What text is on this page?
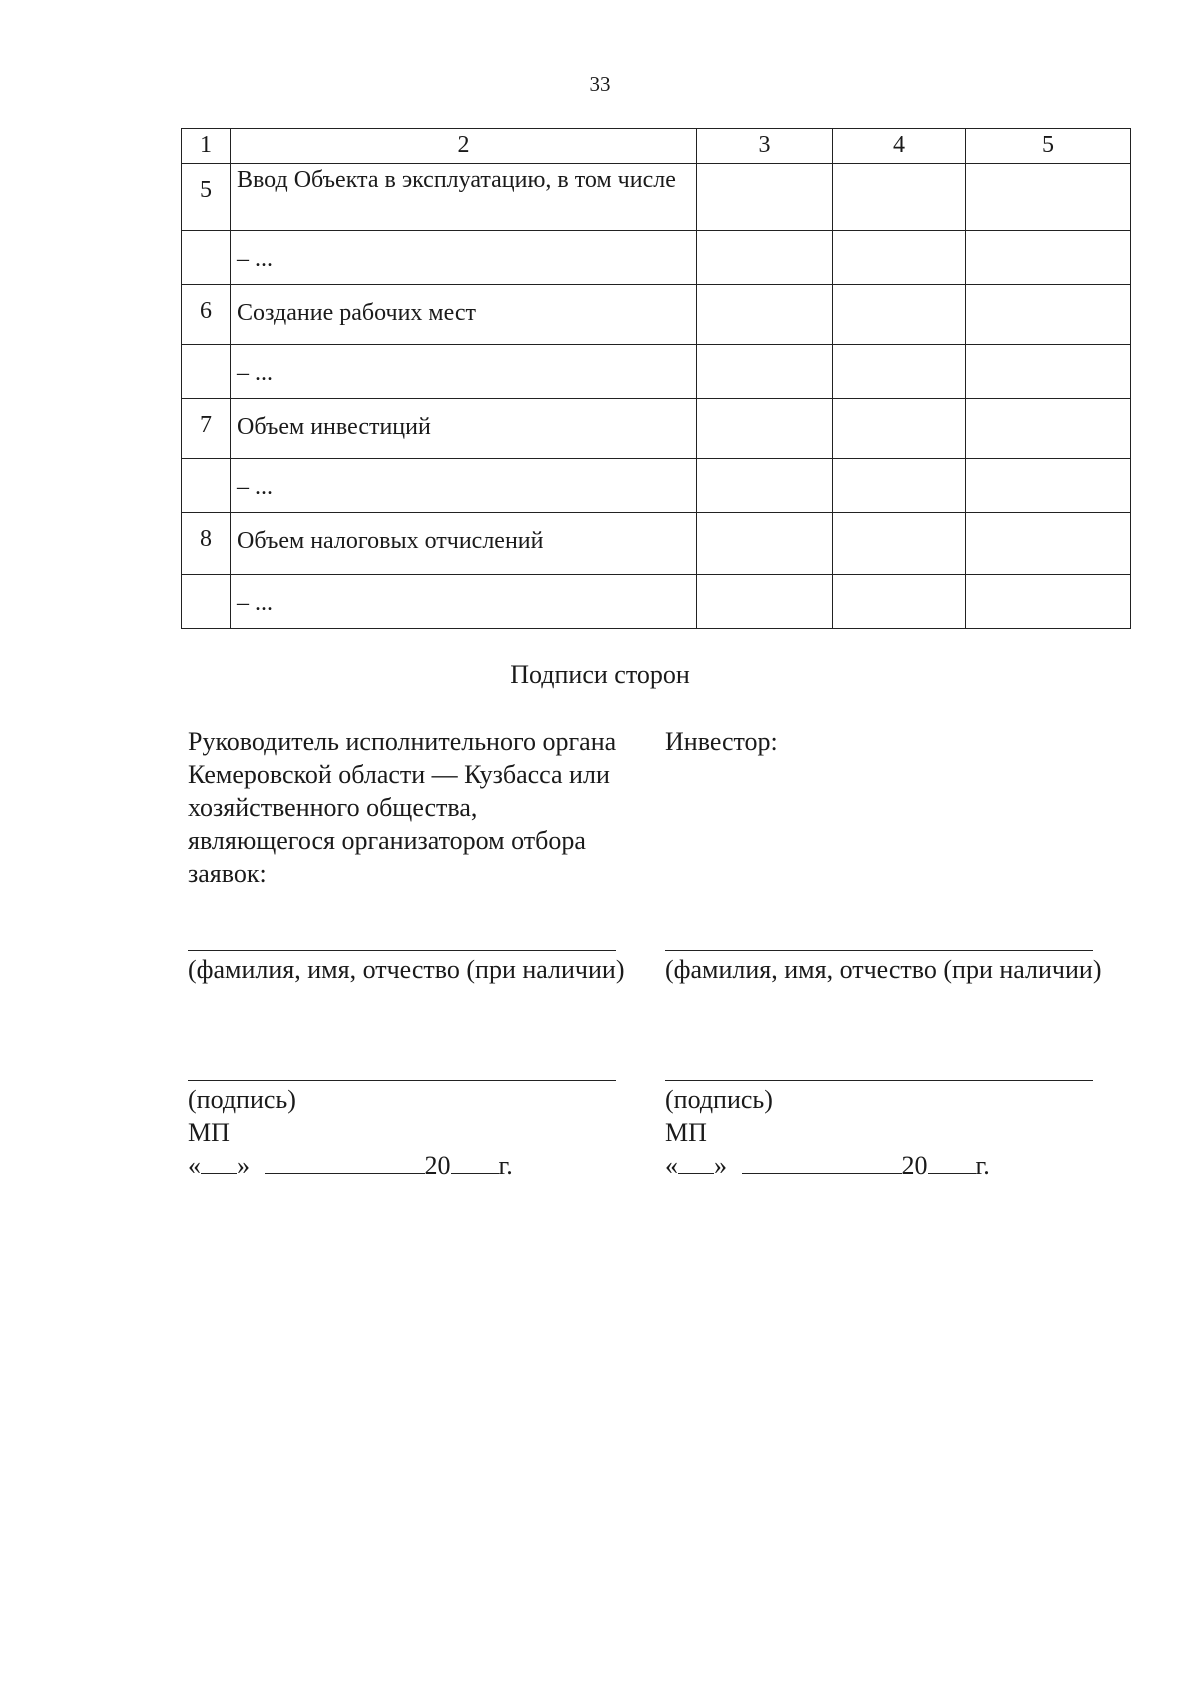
33
1	2	3	4	5
5	Ввод Объекта в эксплуатацию, в том числе			
	– ...			
6	Создание рабочих мест			
	– ...			
7	Объем инвестиций			
	– ...			
8	Объем налоговых отчислений			
	– ...			
Подписи сторон
Руководитель исполнительного органа Кемеровской области — Кузбасса или хозяйственного общества, являющегося организатором отбора заявок:
(фамилия, имя, отчество (при наличии)
(подпись)
МП
« »	20 г.
Инвестор:
(фамилия, имя, отчество (при наличии)
(подпись)
МП
« »	20 г.
